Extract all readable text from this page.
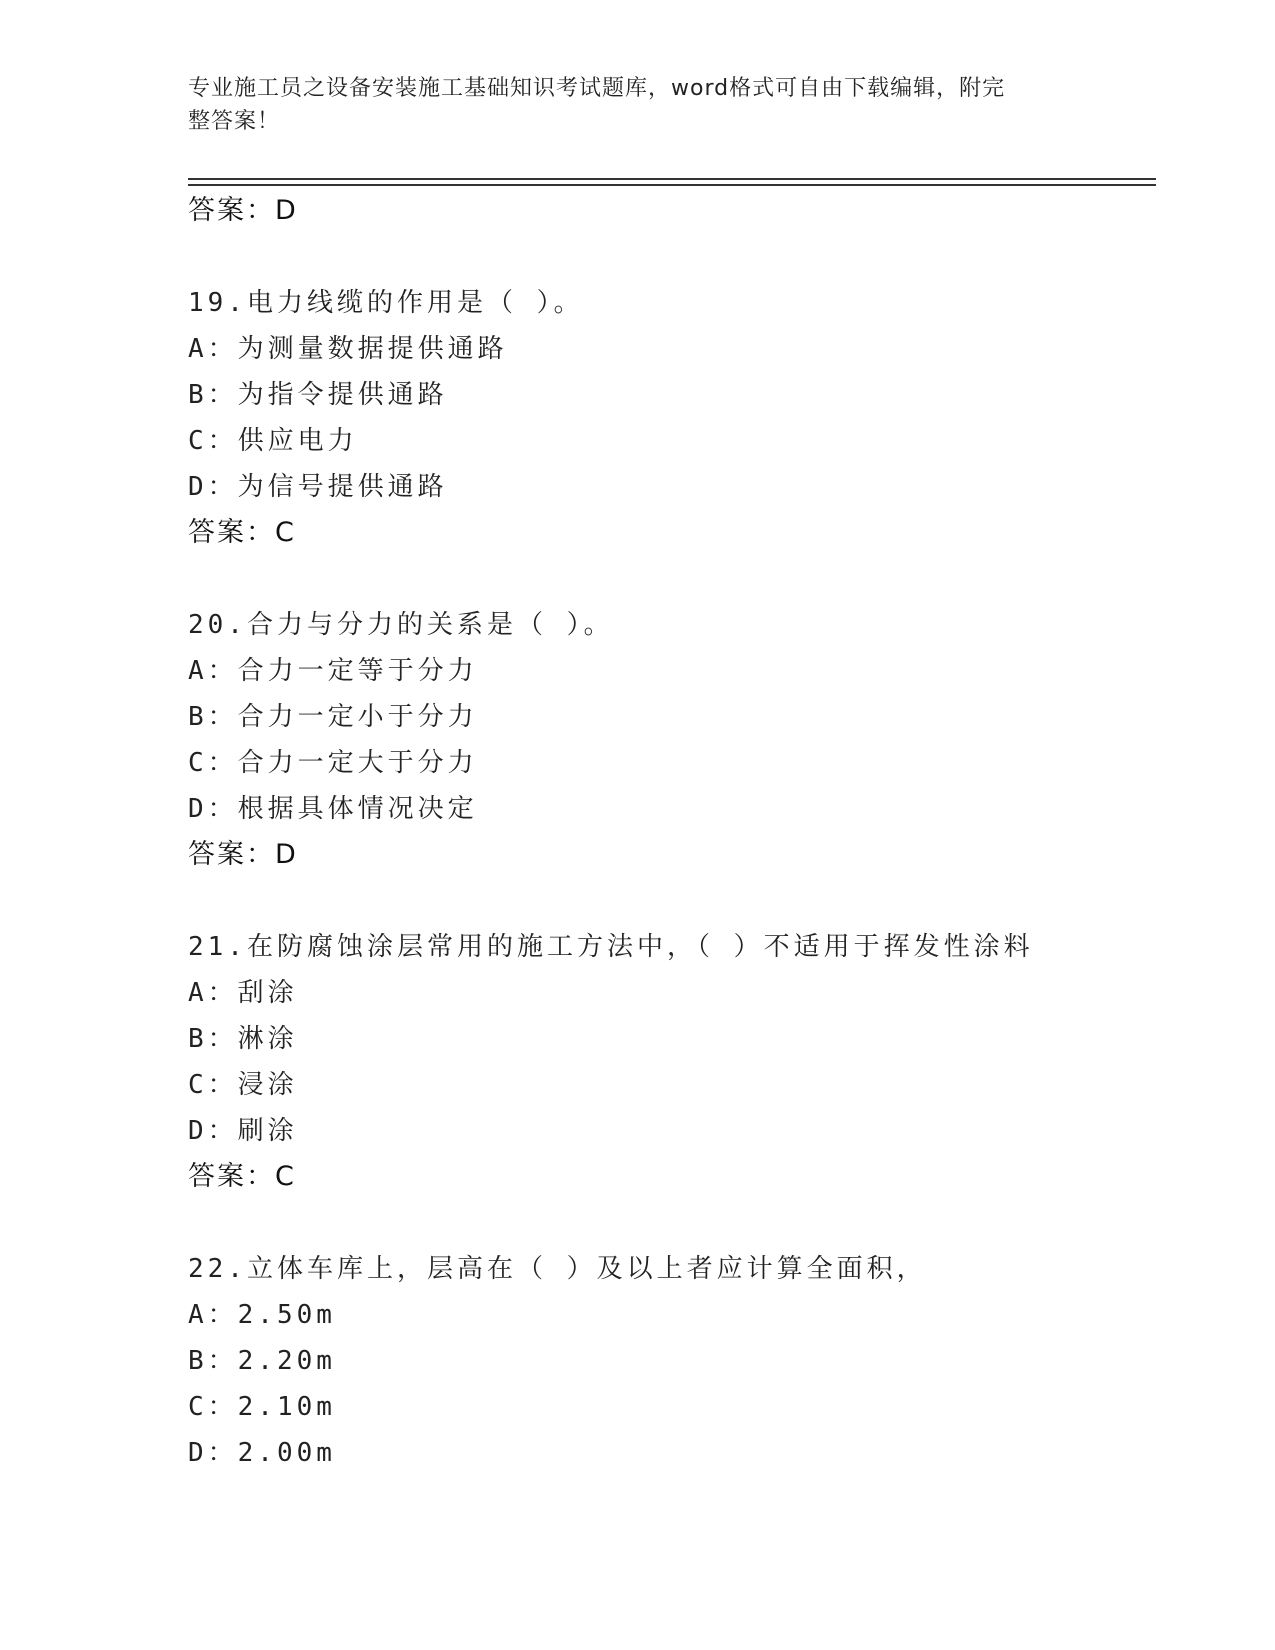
专业施工员之设备安装施工基础知识考试题库，word格式可自由下载编辑，附完
整答案！
答案：D
19.电力线缆的作用是（ ）。
A：为测量数据提供通路
B：为指令提供通路
C：供应电力
D：为信号提供通路
答案：C
20.合力与分力的关系是（ ）。
A：合力一定等于分力
B：合力一定小于分力
C：合力一定大于分力
D：根据具体情况决定
答案：D
21.在防腐蚀涂层常用的施工方法中，（ ）不适用于挥发性涂料
A：刮涂
B：淋涂
C：浸涂
D：刷涂
答案：C
22.立体车库上，层高在（ ）及以上者应计算全面积，
A：2.50m
B：2.20m
C：2.10m
D：2.00m
